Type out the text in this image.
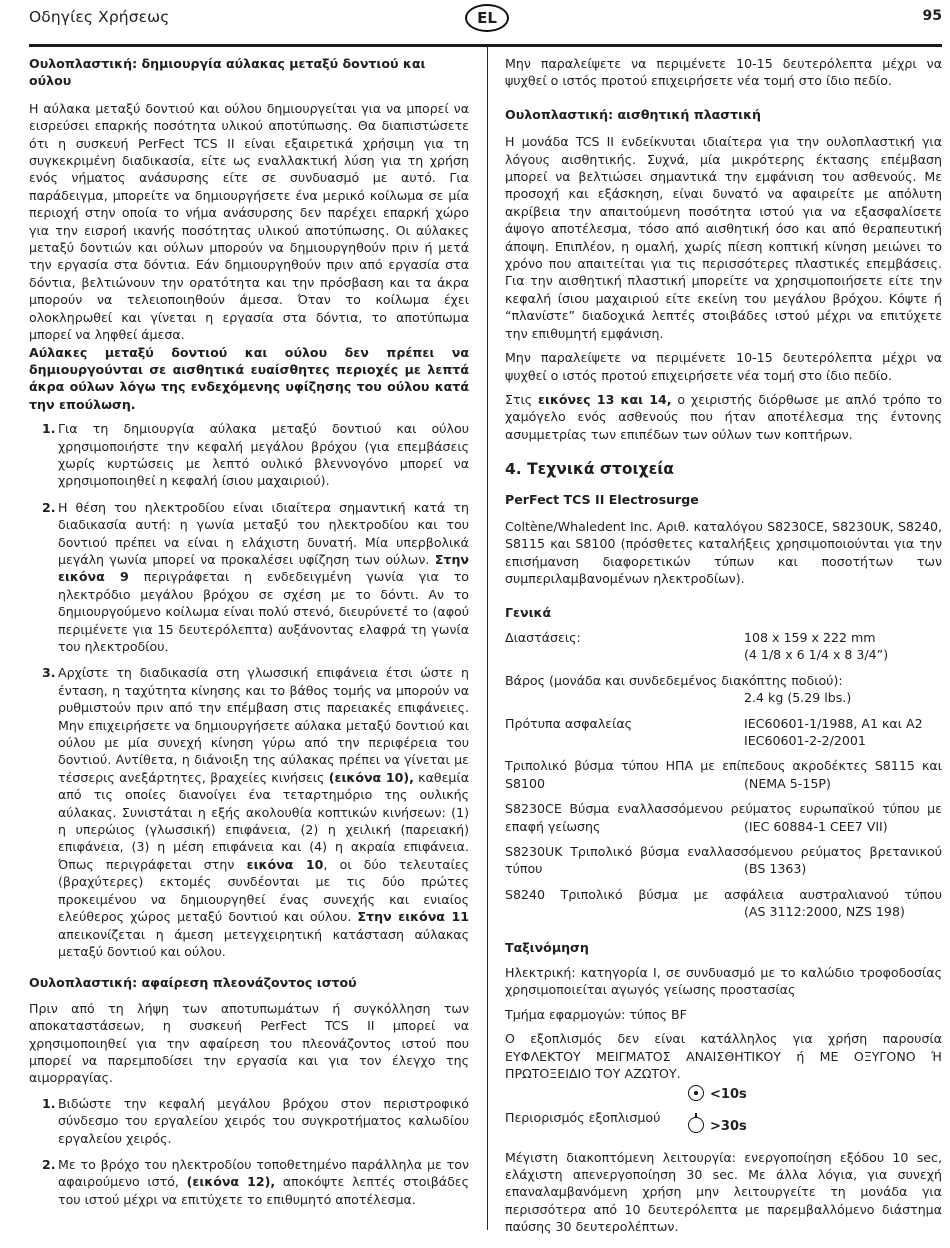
Οδηγίες Χρήσεως	EL	95

Ουλοπλαστική: δημιουργία αύλακας μεταξύ δοντιού και ούλου

Η αύλακα μεταξύ δοντιού και ούλου δημιουργείται για να μπορεί να εισρεύσει επαρκής ποσότητα υλικού αποτύπωσης. Θα διαπιστώσετε ότι η συσκευή PerFect TCS II είναι εξαιρετικά χρήσιμη για τη συγκεκριμένη διαδικασία, είτε ως εναλλακτική λύση για τη χρήση ενός νήματος ανάσυρσης είτε σε συνδυασμό με αυτό. Για παράδειγμα, μπορείτε να δημιουργήσετε ένα μερικό κοίλωμα σε μία περιοχή στην οποία το νήμα ανάσυρσης δεν παρέχει επαρκή χώρο για την εισροή ικανής ποσότητας υλικού αποτύπωσης. Οι αύλακες μεταξύ δοντιών και ούλων μπορούν να δημιουργηθούν πριν ή μετά την εργασία στα δόντια. Εάν δημιουργηθούν πριν από εργασία στα δόντια, βελτιώνουν την ορατότητα και την πρόσβαση και τα άκρα μπορούν να τελειοποιηθούν άμεσα. Όταν το κοίλωμα έχει ολοκληρωθεί και γίνεται η εργασία στα δόντια, το αποτύπωμα μπορεί να ληφθεί άμεσα.

Αύλακες μεταξύ δοντιού και ούλου δεν πρέπει να δημιουργούνται σε αισθητικά ευαίσθητες περιοχές με λεπτά άκρα ούλων λόγω της ενδεχόμενης υφίζησης του ούλου κατά την επούλωση.

1. Για τη δημιουργία αύλακα μεταξύ δοντιού και ούλου χρησιμοποιήστε την κεφαλή μεγάλου βρόχου (για επεμβάσεις χωρίς κυρτώσεις με λεπτό ουλικό βλεννογόνο μπορεί να χρησιμοποιηθεί η κεφαλή ίσιου μαχαιριού).
2. Η θέση του ηλεκτροδίου είναι ιδιαίτερα σημαντική κατά τη διαδικασία αυτή: η γωνία μεταξύ του ηλεκτροδίου και του δοντιού πρέπει να είναι η ελάχιστη δυνατή. Μία υπερβολικά μεγάλη γωνία μπορεί να προκαλέσει υφίζηση των ούλων. Στην εικόνα 9 περιγράφεται η ενδεδειγμένη γωνία για το ηλεκτρόδιο μεγάλου βρόχου σε σχέση με το δόντι. Αν το δημιουργούμενο κοίλωμα είναι πολύ στενό, διευρύνετέ το (αφού περιμένετε για 15 δευτερόλεπτα) αυξάνοντας ελαφρά τη γωνία του ηλεκτροδίου.
3. Αρχίστε τη διαδικασία στη γλωσσική επιφάνεια έτσι ώστε η ένταση, η ταχύτητα κίνησης και το βάθος τομής να μπορούν να ρυθμιστούν πριν από την επέμβαση στις παρειακές επιφάνειες. Μην επιχειρήσετε να δημιουργήσετε αύλακα μεταξύ δοντιού και ούλου με μία συνεχή κίνηση γύρω από την περιφέρεια του δοντιού. Αντίθετα, η διάνοιξη της αύλακας πρέπει να γίνεται με τέσσερις ανεξάρτητες, βραχείες κινήσεις (εικόνα 10), καθεμία από τις οποίες διανοίγει ένα τεταρτημόριο της ουλικής αύλακας. Συνιστάται η εξής ακολουθία κοπτικών κινήσεων: (1) η υπερώιος (γλωσσική) επιφάνεια, (2) η χειλική (παρειακή) επιφάνεια, (3) η μέση επιφάνεια και (4) η ακραία επιφάνεια. Όπως περιγράφεται στην εικόνα 10, οι δύο τελευταίες (βραχύτερες) εκτομές συνδέονται με τις δύο πρώτες προκειμένου να δημιουργηθεί ένας συνεχής και ενιαίος ελεύθερος χώρος μεταξύ δοντιού και ούλου. Στην εικόνα 11 απεικονίζεται η άμεση μετεγχειρητική κατάσταση αύλακας μεταξύ δοντιού και ούλου.

Ουλοπλαστική: αφαίρεση πλεονάζοντος ιστού

Πριν από τη λήψη των αποτυπωμάτων ή συγκόλληση των αποκαταστάσεων, η συσκευή PerFect TCS II μπορεί να χρησιμοποιηθεί για την αφαίρεση του πλεονάζοντος ιστού που μπορεί να παρεμποδίσει την εργασία και για τον έλεγχο της αιμορραγίας.

1. Βιδώστε την κεφαλή μεγάλου βρόχου στον περιστροφικό σύνδεσμο του εργαλείου χειρός του συγκροτήματος καλωδίου εργαλείου χειρός.
2. Με το βρόχο του ηλεκτροδίου τοποθετημένο παράλληλα με τον αφαιρούμενο ιστό, (εικόνα 12), αποκόψτε λεπτές στοιβάδες του ιστού μέχρι να επιτύχετε το επιθυμητό αποτέλεσμα.

Μην παραλείψετε να περιμένετε 10-15 δευτερόλεπτα μέχρι να ψυχθεί ο ιστός προτού επιχειρήσετε νέα τομή στο ίδιο πεδίο.

Ουλοπλαστική: αισθητική πλαστική

Η μονάδα TCS II ενδείκνυται ιδιαίτερα για την ουλοπλαστική για λόγους αισθητικής. Συχνά, μία μικρότερης έκτασης επέμβαση μπορεί να βελτιώσει σημαντικά την εμφάνιση του ασθενούς. Με προσοχή και εξάσκηση, είναι δυνατό να αφαιρείτε με απόλυτη ακρίβεια την απαιτούμενη ποσότητα ιστού για να εξασφαλίσετε άψογο αποτέλεσμα, τόσο από αισθητική όσο και από θεραπευτική άποψη. Επιπλέον, η ομαλή, χωρίς πίεση κοπτική κίνηση μειώνει το χρόνο που απαιτείται για τις περισσότερες πλαστικές επεμβάσεις. Για την αισθητική πλαστική μπορείτε να χρησιμοποιήσετε είτε την κεφαλή ίσιου μαχαιριού είτε εκείνη του μεγάλου βρόχου. Κόψτε ή “πλανίστε” διαδοχικά λεπτές στοιβάδες ιστού μέχρι να επιτύχετε την επιθυμητή εμφάνιση.

Μην παραλείψετε να περιμένετε 10-15 δευτερόλεπτα μέχρι να ψυχθεί ο ιστός προτού επιχειρήσετε νέα τομή στο ίδιο πεδίο.

Στις εικόνες 13 και 14, ο χειριστής διόρθωσε με απλό τρόπο το χαμόγελο ενός ασθενούς που ήταν αποτέλεσμα της έντονης ασυμμετρίας των επιπέδων των ούλων των κοπτήρων.

4. Τεχνικά στοιχεία

PerFect TCS II Electrosurge

Coltène/Whaledent Inc. Αριθ. καταλόγου S8230CE, S8230UK, S8240, S8115 και S8100 (πρόσθετες καταλήξεις χρησιμοποιούνται για την επισήμανση διαφορετικών τύπων και ποσοτήτων των συμπεριλαμβανομένων ηλεκτροδίων).

Γενικά

Διαστάσεις:	108 x 159 x 222 mm
(4 1/8 x 6 1/4 x 8 3/4”)
Βάρος (μονάδα και συνδεδεμένος διακόπτης ποδιού):
2.4 kg (5.29 lbs.)
Πρότυπα ασφαλείας	IEC60601-1/1988, A1 και A2
IEC60601-2-2/2001
Τριπολικό βύσμα τύπου ΗΠΑ με επίπεδους ακροδέκτες S8115 και S8100	(NEMA 5-15P)
S8230CE Βύσμα εναλλασσόμενου ρεύματος ευρωπαϊκού τύπου με επαφή γείωσης	(IEC 60884-1 CEE7 VII)
S8230UK Τριπολικό βύσμα εναλλασσόμενου ρεύματος βρετανικού τύπου	(BS 1363)
S8240 Τριπολικό βύσμα με ασφάλεια αυστραλιανού τύπου
(AS 3112:2000, NZS 198)

Ταξινόμηση

Ηλεκτρική: κατηγορία I, σε συνδυασμό με το καλώδιο τροφοδοσίας χρησιμοποιείται αγωγός γείωσης προστασίας

Τμήμα εφαρμογών: τύπος BF

Ο εξοπλισμός δεν είναι κατάλληλος για χρήση παρουσία ΕΥΦΛΕΚΤΟΥ ΜΕΙΓΜΑΤΟΣ ΑΝΑΙΣΘΗΤΙΚΟΥ ή ΜΕ ΟΞΥΓΟΝΟ Ή ΠΡΩΤΟΞΕΙΔΙΟ ΤΟΥ ΑΖΩΤΟΥ.

Περιορισμός εξοπλισμού
<10s
>30s

Μέγιστη διακοπτόμενη λειτουργία: ενεργοποίηση εξόδου 10 sec, ελάχιστη απενεργοποίηση 30 sec. Με άλλα λόγια, για συνεχή επαναλαμβανόμενη χρήση μην λειτουργείτε τη μονάδα για περισσότερα από 10 δευτερόλεπτα με παρεμβαλλόμενο διάστημα παύσης 30 δευτερολέπτων.
